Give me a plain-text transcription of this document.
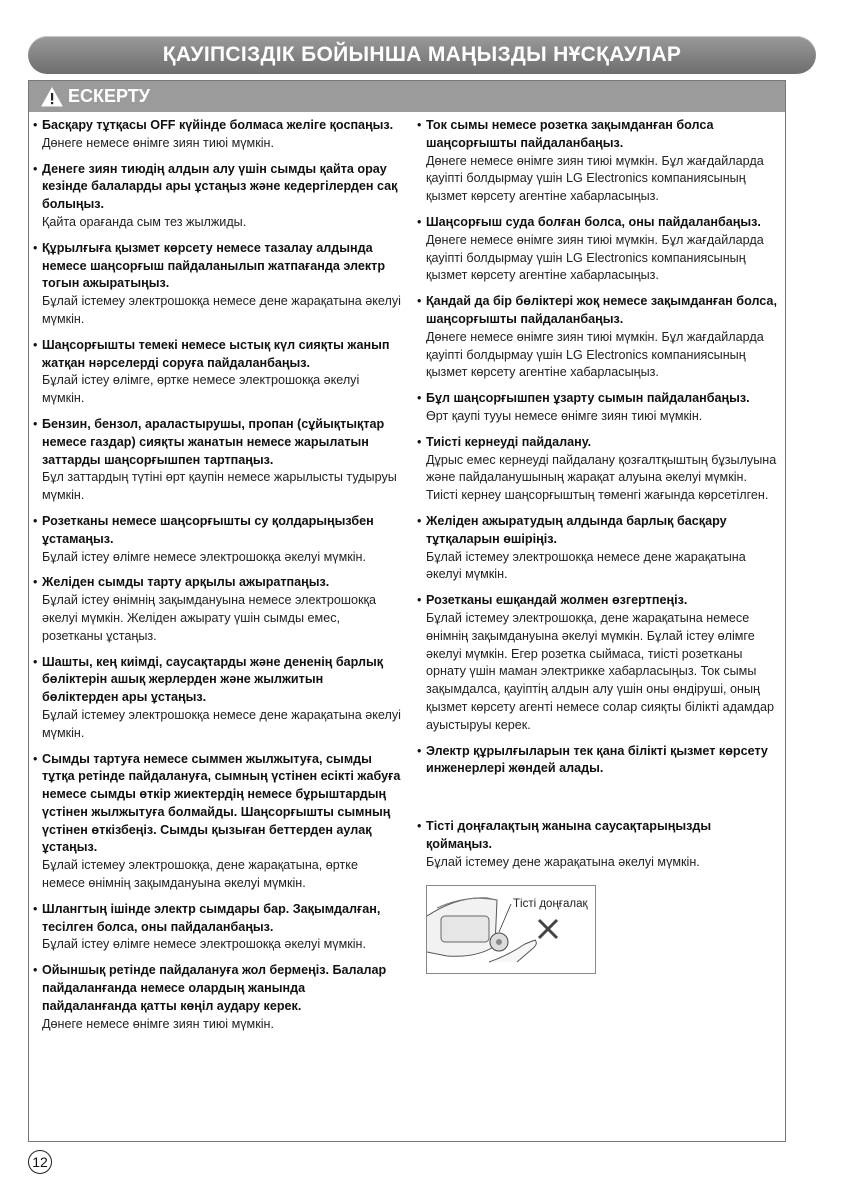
ҚАУІПСІЗДІК БОЙЫНША МАҢЫЗДЫ НҰСҚАУЛАР
ЕСКЕРТУ
• Басқару тұтқасы OFF күйінде болмаса желіге қоспаңыз.
Дөнеге немесе өнімге зиян тиюі мүмкін.
• Денеге зиян тиюдің алдын алу үшін сымды қайта орау кезінде балаларды ары ұстаңыз және кедергілерден сақ болыңыз.
Қайта орағанда сым тез жылжиды.
• Құрылғыға қызмет көрсету немесе тазалау алдында немесе шаңсорғыш пайдаланылып жатпағанда электр тогын ажыратыңыз.
Бұлай істемеу электрошокқа немесе дене жарақатына әкелуі мүмкін.
• Шаңсорғышты темекі немесе ыстық күл сияқты жанып жатқан нәрселерді соруға пайдаланбаңыз.
Бұлай істеу өлімге, өртке немесе электрошокқа әкелуі мүмкін.
• Бензин, бензол, араластырушы, пропан (сұйықтықтар немесе газдар) сияқты жанатын немесе жарылатын заттарды шаңсорғышпен тартпаңыз.
Бұл заттардың түтіні өрт қаупін немесе жарылысты тудыруы мүмкін.
• Розетканы немесе шаңсорғышты су қолдарыңызбен ұстамаңыз.
Бұлай істеу өлімге немесе электрошокқа әкелуі мүмкін.
• Желіден сымды тарту арқылы ажыратпаңыз.
Бұлай істеу өнімнің зақымдануына немесе электрошокқа әкелуі мүмкін. Желіден ажырату үшін сымды емес, розетканы ұстаңыз.
• Шашты, кең киімді, саусақтарды және дененің барлық бөліктерін ашық жерлерден және жылжитын бөліктерден ары ұстаңыз.
Бұлай істемеу электрошокқа немесе дене жарақатына әкелуі мүмкін.
• Сымды тартуға немесе сыммен жылжытуға, сымды тұтқа ретінде пайдалануға, сымның үстінен есікті жабуға немесе сымды өткір жиектердің немесе бұрыштардың үстінен жылжытуға болмайды. Шаңсорғышты сымның үстінен өткізбеңіз. Сымды қызыған беттерден аулақ ұстаңыз.
Бұлай істемеу электрошокқа, дене жарақатына, өртке немесе өнімнің зақымдануына әкелуі мүмкін.
• Шлангтың ішінде электр сымдары бар. Зақымдалған, тесілген болса, оны пайдаланбаңыз.
Бұлай істеу өлімге немесе электрошокқа әкелуі мүмкін.
• Ойыншық ретінде пайдалануға жол бермеңіз. Балалар пайдаланғанда немесе олардың жанында пайдаланғанда қатты көңіл аудару керек.
Дөнеге немесе өнімге зиян тиюі мүмкін.
• Ток сымы немесе розетка зақымданған болса шаңсорғышты пайдаланбаңыз.
Дөнеге немесе өнімге зиян тиюі мүмкін. Бұл жағдайларда қауіпті болдырмау үшін LG Electronics компаниясының қызмет көрсету агентіне хабарласыңыз.
• Шаңсорғыш суда болған болса, оны пайдаланбаңыз.
Дөнеге немесе өнімге зиян тиюі мүмкін. Бұл жағдайларда қауіпті болдырмау үшін LG Electronics компаниясының қызмет көрсету агентіне хабарласыңыз.
• Қандай да бір бөліктері жоқ немесе зақымданған болса, шаңсорғышты пайдаланбаңыз.
Дөнеге немесе өнімге зиян тиюі мүмкін. Бұл жағдайларда қауіпті болдырмау үшін LG Electronics компаниясының қызмет көрсету агентіне хабарласыңыз.
• Бұл шаңсорғышпен ұзарту сымын пайдаланбаңыз.
Өрт қаупі тууы немесе өнімге зиян тиюі мүмкін.
• Тиісті кернеуді пайдалану.
Дұрыс емес кернеуді пайдалану қозғалтқыштың бұзылуына және пайдаланушының жарақат алуына әкелуі мүмкін. Тиісті кернеу шаңсорғыштың төменгі жағында көрсетілген.
• Желіден ажыратудың алдында барлық басқару тұтқаларын өшіріңіз.
Бұлай істемеу электрошокқа немесе дене жарақатына әкелуі мүмкін.
• Розетканы ешқандай жолмен өзгертпеңіз.
Бұлай істемеу электрошокқа, дене жарақатына немесе өнімнің зақымдануына әкелуі мүмкін. Бұлай істеу өлімге әкелуі мүмкін. Егер розетка сыймаса, тиісті розетканы орнату үшін маман электрикке хабарласыңыз. Ток сымы зақымдалса, қауіптің алдын алу үшін оны өндіруші, оның қызмет көрсету агенті немесе солар сияқты білікті адамдар ауыстыруы керек.
• Электр құрылғыларын тек қана білікті қызмет көрсету инженерлері жөндей алады.
• Тісті доңғалақтың жанына саусақтарыңызды қоймаңыз.
Бұлай істемеу дене жарақатына әкелуі мүмкін.
Тісті доңғалақ
12
